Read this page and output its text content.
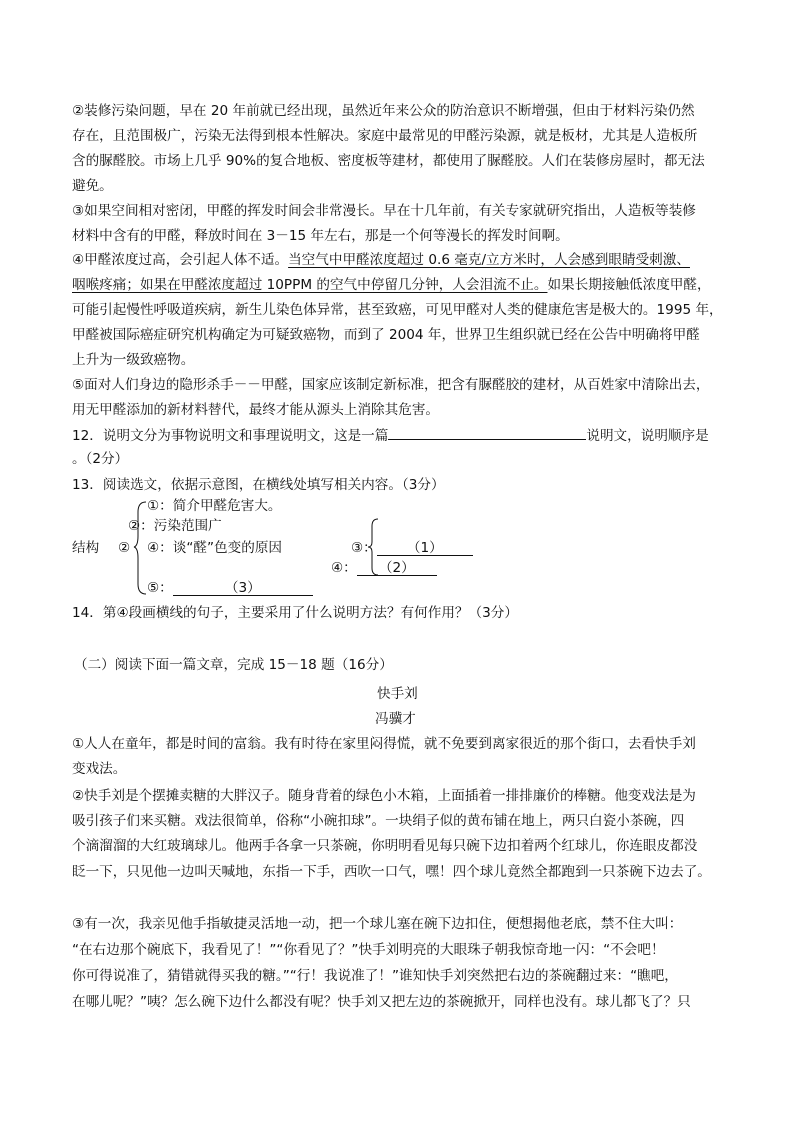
②装修污染问题，早在 20 年前就已经出现，虽然近年来公众的防治意识不断增强，但由于材料污染仍然
存在，且范围极广，污染无法得到根本性解决。家庭中最常见的甲醛污染源，就是板材，尤其是人造板所
含的脲醛胶。市场上几乎 90%的复合地板、密度板等建材，都使用了脲醛胶。人们在装修房屋时，都无法
避免。
③如果空间相对密闭，甲醛的挥发时间会非常漫长。早在十几年前，有关专家就研究指出，人造板等装修
材料中含有的甲醛，释放时间在 3－15 年左右，那是一个何等漫长的挥发时间啊。
④甲醛浓度过高，会引起人体不适。当空气中甲醛浓度超过 0.6 毫克/立方米时，人会感到眼睛受刺激、
咽喉疼痛；如果在甲醛浓度超过 10PPM 的空气中停留几分钟，人会泪流不止。如果长期接触低浓度甲醛，
可能引起慢性呼吸道疾病，新生儿染色体异常，甚至致癌，可见甲醛对人类的健康危害是极大的。1995 年，
甲醛被国际癌症研究机构确定为可疑致癌物，而到了 2004 年，世界卫生组织就已经在公告中明确将甲醛
上升为一级致癌物。
⑤面对人们身边的隐形杀手－－甲醛，国家应该制定新标准，把含有脲醛胶的建材，从百姓家中清除出去，
用无甲醛添加的新材料替代，最终才能从源头上消除其危害。
12．说明文分为事物说明文和事理说明文，这是一篇	说明文，说明顺序是
。（2分）
13．阅读选文，依据示意图，在横线处填写相关内容。（3分）
①：简介甲醛危害大。
②：污染范围广
结构 ② ④：谈“醛”色变的原因
⑤：	（3）
③： （1）
④： （2）
14．第④段画横线的句子，主要采用了什么说明方法？有何作用？（3分）
（二）阅读下面一篇文章，完成 15－18 题（16分）
快手刘
冯骥才
①人人在童年，都是时间的富翁。我有时待在家里闷得慌，就不免要到离家很近的那个街口，去看快手刘
变戏法。
②快手刘是个摆摊卖糖的大胖汉子。随身背着的绿色小木箱，上面插着一排排廉价的棒糖。他变戏法是为
吸引孩子们来买糖。戏法很简单，俗称“小碗扣球”。一块绢子似的黄布铺在地上，两只白瓷小茶碗，四
个滴溜溜的大红玻璃球儿。他两手各拿一只茶碗，你明明看见每只碗下边扣着两个红球儿，你连眼皮都没
眨一下，只见他一边叫天喊地，东指一下手，西吹一口气，嘿！四个球儿竟然全都跑到一只茶碗下边去了。
③有一次，我亲见他手指敏捷灵活地一动，把一个球儿塞在碗下边扣住，便想揭他老底，禁不住大叫：
“在右边那个碗底下，我看见了！”“你看见了？”快手刘明亮的大眼珠子朝我惊奇地一闪：“不会吧！
你可得说准了，猜错就得买我的糖。”“行！我说准了！”谁知快手刘突然把右边的茶碗翻过来：“瞧吧，
在哪儿呢？”咦？怎么碗下边什么都没有呢？快手刘又把左边的茶碗掀开，同样也没有。球儿都飞了？只
